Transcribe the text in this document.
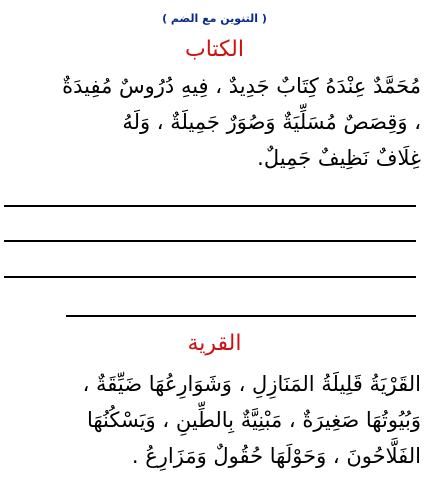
( التنوين مع الضم )
الكتاب
مُحَمَّدٌ عِنْدَهُ كِتَابٌ جَدِيدٌ ، فِيهِ دُرُوسٌ مُفِيدَةٌ
، وَقِصَصٌ مُسَلِّيَةٌ وَصُوَرٌ جَمِيلَةٌ ، وَلَهُ
غِلَافٌ نَظِيفٌ جَمِيلٌ.
القرية
القَرْيَةُ قَلِيلَةُ المَنَازِلِ ، وَشَوَارِعُهَا ضَيِّقَةٌ ،
وَبُيُوتُهَا صَغِيرَةٌ ، مَبْنِيَّةٌ بِالطِّينِ ، وَيَسْكُنُهَا
الفَلَّاحُونَ ، وَحَوْلَهَا حُقُولٌ وَمَزَارِعُ .
